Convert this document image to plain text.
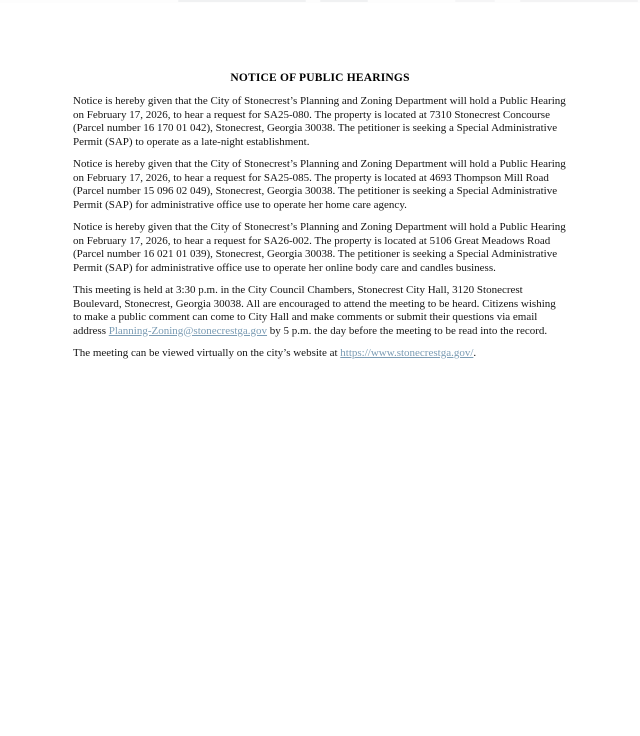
NOTICE OF PUBLIC HEARINGS

Notice is hereby given that the City of Stonecrest’s Planning and Zoning Department will hold a Public Hearing on February 17, 2026, to hear a request for SA25-080. The property is located at 7310 Stonecrest Concourse (Parcel number 16 170 01 042), Stonecrest, Georgia 30038. The petitioner is seeking a Special Administrative Permit (SAP) to operate as a late-night establishment.

Notice is hereby given that the City of Stonecrest’s Planning and Zoning Department will hold a Public Hearing on February 17, 2026, to hear a request for SA25-085. The property is located at 4693 Thompson Mill Road (Parcel number 15 096 02 049), Stonecrest, Georgia 30038. The petitioner is seeking a Special Administrative Permit (SAP) for administrative office use to operate her home care agency.

Notice is hereby given that the City of Stonecrest’s Planning and Zoning Department will hold a Public Hearing on February 17, 2026, to hear a request for SA26-002. The property is located at 5106 Great Meadows Road (Parcel number 16 021 01 039), Stonecrest, Georgia 30038. The petitioner is seeking a Special Administrative Permit (SAP) for administrative office use to operate her online body care and candles business.

This meeting is held at 3:30 p.m. in the City Council Chambers, Stonecrest City Hall, 3120 Stonecrest Boulevard, Stonecrest, Georgia 30038. All are encouraged to attend the meeting to be heard. Citizens wishing to make a public comment can come to City Hall and make comments or submit their questions via email address Planning-Zoning@stonecrestga.gov by 5 p.m. the day before the meeting to be read into the record.

The meeting can be viewed virtually on the city’s website at https://www.stonecrestga.gov/.
